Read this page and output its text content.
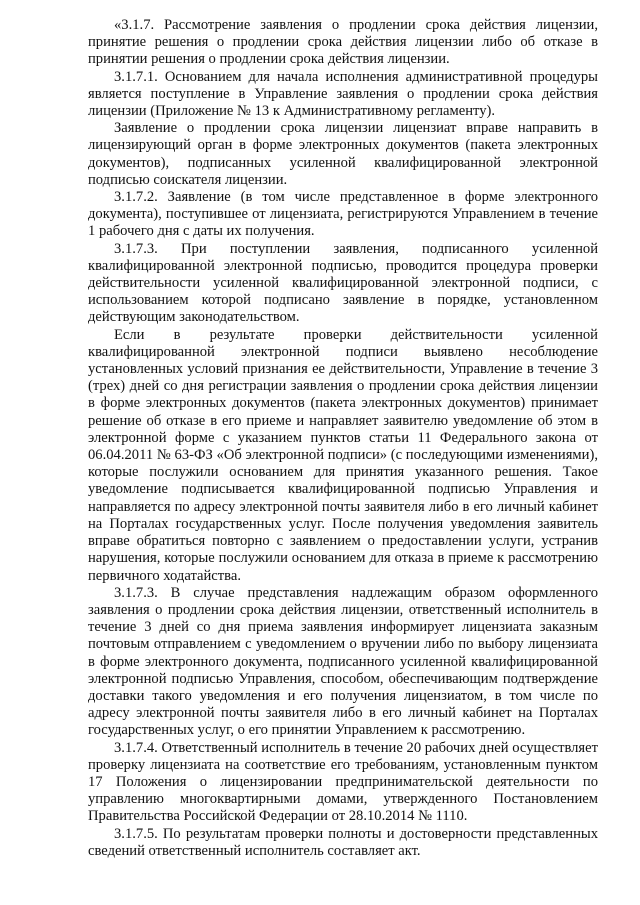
«3.1.7. Рассмотрение заявления о продлении срока действия лицензии, принятие решения о продлении срока действия лицензии либо об отказе в принятии решения о продлении срока действия лицензии.

3.1.7.1. Основанием для начала исполнения административной процедуры является поступление в Управление заявления о продлении срока действия лицензии (Приложение № 13 к Административному регламенту).

Заявление о продлении срока лицензии лицензиат вправе направить в лицензирующий орган в форме электронных документов (пакета электронных документов), подписанных усиленной квалифицированной электронной подписью соискателя лицензии.

3.1.7.2. Заявление (в том числе представленное в форме электронного документа), поступившее от лицензиата, регистрируются Управлением в течение 1 рабочего дня с даты их получения.

3.1.7.3. При поступлении заявления, подписанного усиленной квалифицированной электронной подписью, проводится процедура проверки действительности усиленной квалифицированной электронной подписи, с использованием которой подписано заявление в порядке, установленном действующим законодательством.

Если в результате проверки действительности усиленной квалифицированной электронной подписи выявлено несоблюдение установленных условий признания ее действительности, Управление в течение 3 (трех) дней со дня регистрации заявления о продлении срока действия лицензии в форме электронных документов (пакета электронных документов) принимает решение об отказе в его приеме и направляет заявителю уведомление об этом в электронной форме с указанием пунктов статьи 11 Федерального закона от 06.04.2011 № 63-ФЗ «Об электронной подписи» (с последующими изменениями), которые послужили основанием для принятия указанного решения. Такое уведомление подписывается квалифицированной подписью Управления и направляется по адресу электронной почты заявителя либо в его личный кабинет на Порталах государственных услуг. После получения уведомления заявитель вправе обратиться повторно с заявлением о предоставлении услуги, устранив нарушения, которые послужили основанием для отказа в приеме к рассмотрению первичного ходатайства.

3.1.7.3. В случае представления надлежащим образом оформленного заявления о продлении срока действия лицензии, ответственный исполнитель в течение 3 дней со дня приема заявления информирует лицензиата заказным почтовым отправлением с уведомлением о вручении либо по выбору лицензиата в форме электронного документа, подписанного усиленной квалифицированной электронной подписью Управления, способом, обеспечивающим подтверждение доставки такого уведомления и его получения лицензиатом, в том числе по адресу электронной почты заявителя либо в его личный кабинет на Порталах государственных услуг, о его принятии Управлением к рассмотрению.

3.1.7.4. Ответственный исполнитель в течение 20 рабочих дней осуществляет проверку лицензиата на соответствие его требованиям, установленным пунктом 17 Положения о лицензировании предпринимательской деятельности по управлению многоквартирными домами, утвержденного Постановлением Правительства Российской Федерации от 28.10.2014 № 1110.

3.1.7.5. По результатам проверки полноты и достоверности представленных сведений ответственный исполнитель составляет акт.
